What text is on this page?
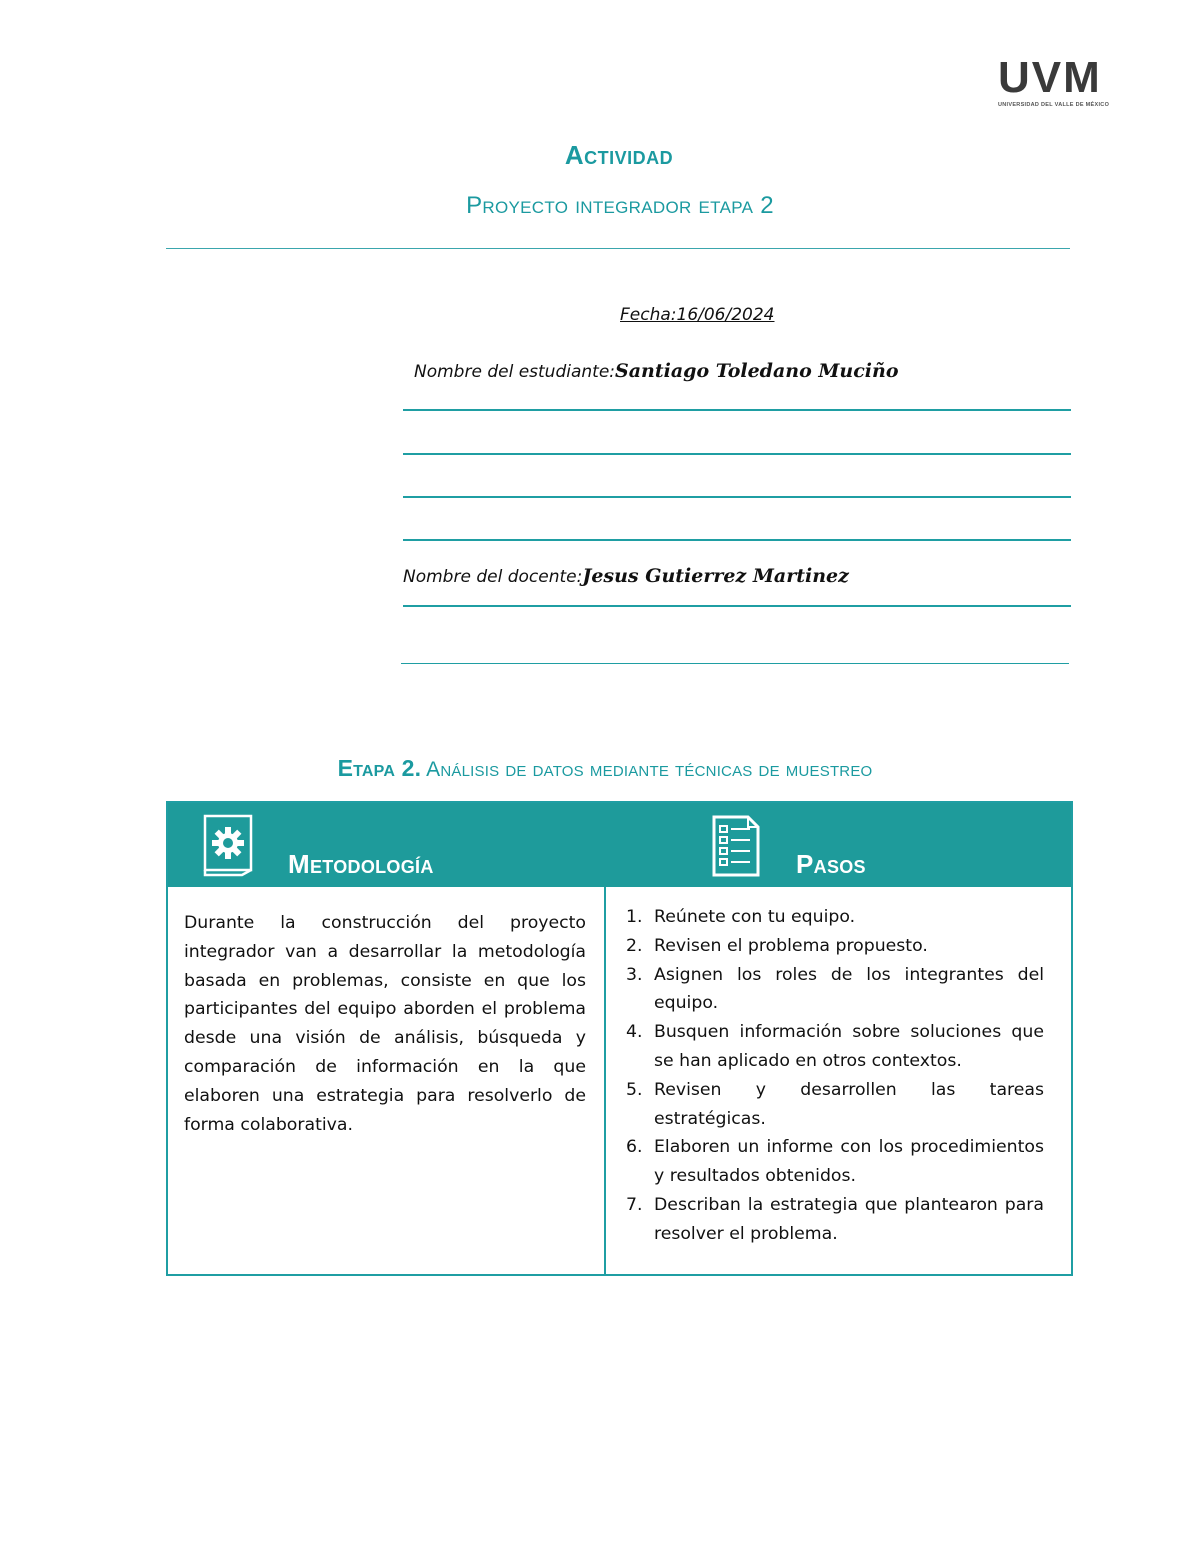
UVM
UNIVERSIDAD DEL VALLE DE MÉXICO
Actividad
Proyecto integrador etapa 2
Fecha:16/06/2024
Nombre del estudiante:Santiago Toledano Muciño
Nombre del docente:Jesus Gutierrez Martinez
Etapa 2. Análisis de datos mediante técnicas de muestreo
Metodología	Pasos
Durante la construcción del proyecto integrador van a desarrollar la metodología basada en problemas, consiste en que los participantes del equipo aborden el problema desde una visión de análisis, búsqueda y comparación de información en la que elaboren una estrategia para resolverlo de forma colaborativa.
1. Reúnete con tu equipo.
2. Revisen el problema propuesto.
3. Asignen los roles de los integrantes del equipo.
4. Busquen información sobre soluciones que se han aplicado en otros contextos.
5. Revisen y desarrollen las tareas estratégicas.
6. Elaboren un informe con los procedimientos y resultados obtenidos.
7. Describan la estrategia que plantearon para resolver el problema.
